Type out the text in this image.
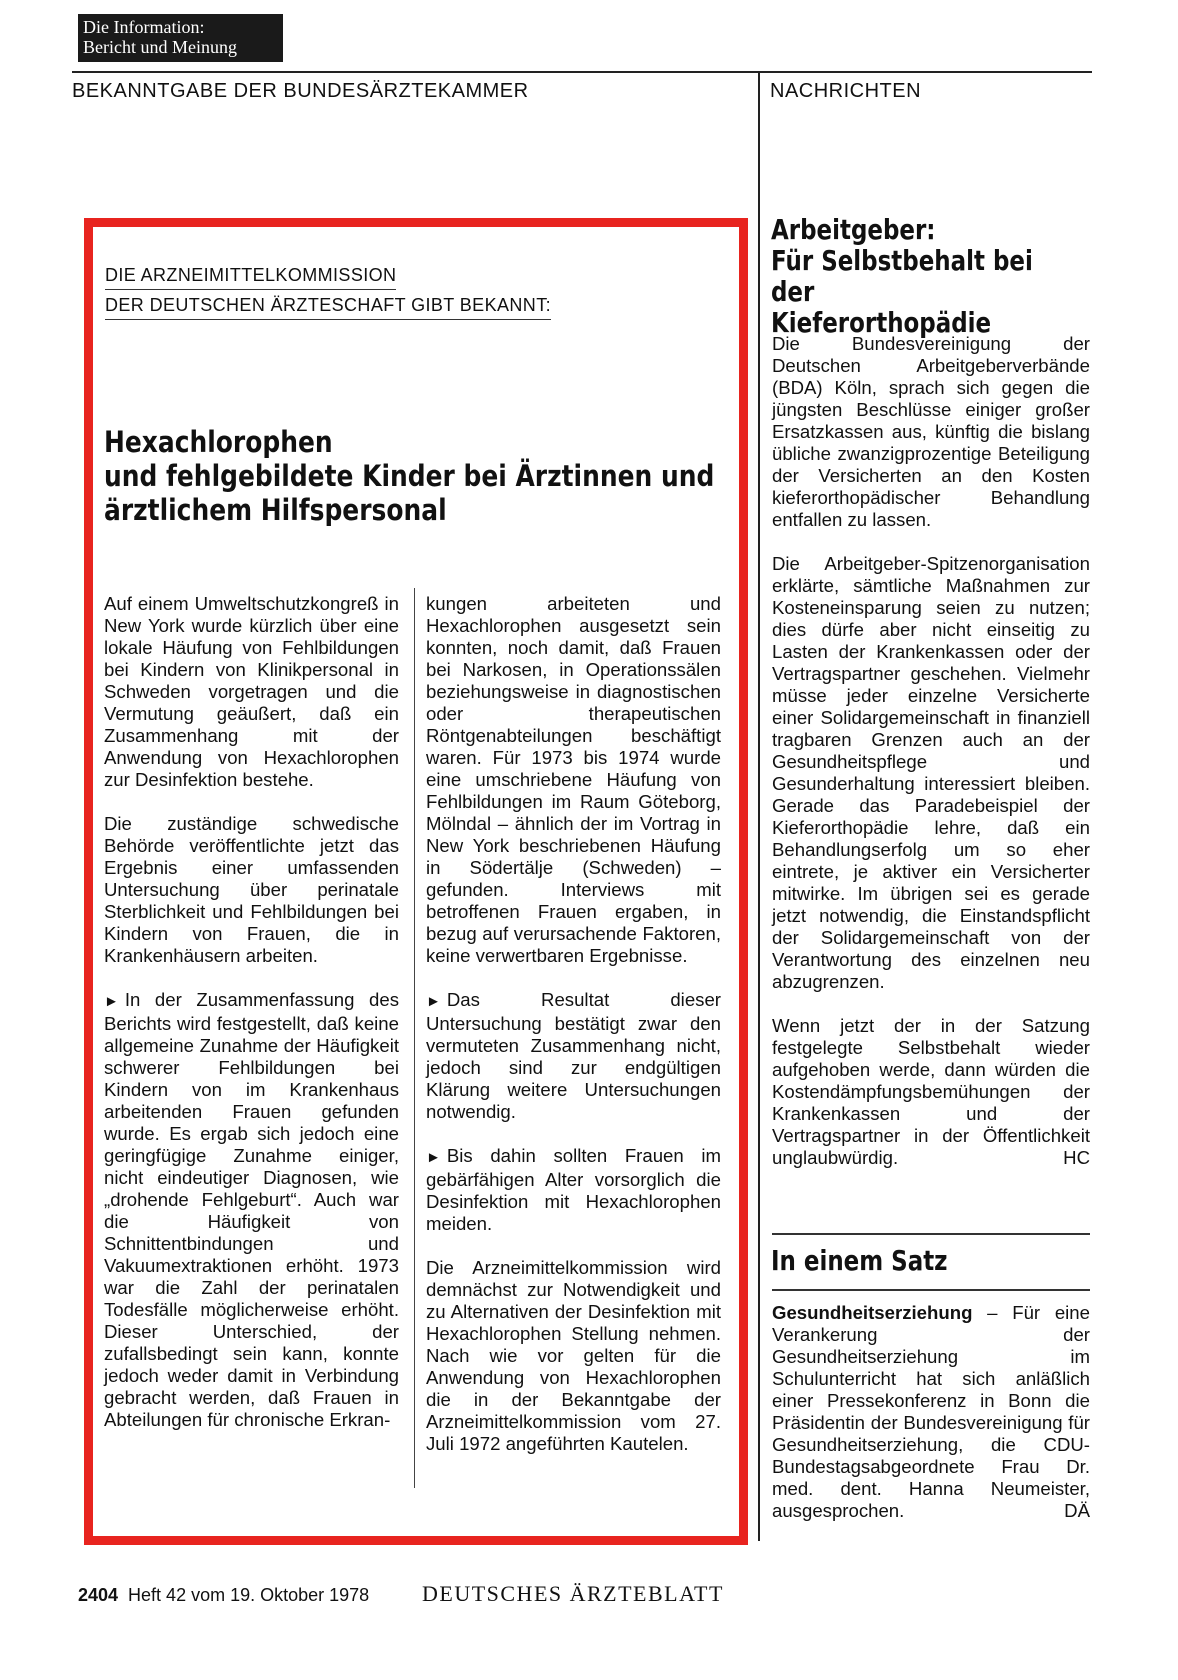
Die Information:
Bericht und Meinung
BEKANNTGABE DER BUNDESÄRZTEKAMMER	NACHRICHTEN
DIE ARZNEIMITTELKOMMISSION
DER DEUTSCHEN ÄRZTESCHAFT GIBT BEKANNT:
Hexachlorophen
und fehlgebildete Kinder bei Ärztinnen und
ärztlichem Hilfspersonal

Auf einem Umweltschutzkongreß in New York wurde kürzlich über eine lokale Häufung von Fehlbildungen bei Kindern von Klinikpersonal in Schweden vorgetragen und die Vermutung geäußert, daß ein Zusammenhang mit der Anwendung von Hexachlorophen zur Desinfektion bestehe.

Die zuständige schwedische Behörde veröffentlichte jetzt das Ergebnis einer umfassenden Untersuchung über perinatale Sterblichkeit und Fehlbildungen bei Kindern von Frauen, die in Krankenhäusern arbeiten.

► In der Zusammenfassung des Berichts wird festgestellt, daß keine allgemeine Zunahme der Häufigkeit schwerer Fehlbildungen bei Kindern von im Krankenhaus arbeitenden Frauen gefunden wurde. Es ergab sich jedoch eine geringfügige Zunahme einiger, nicht eindeutiger Diagnosen, wie „drohende Fehlgeburt“. Auch war die Häufigkeit von Schnittentbindungen und Vakuumextraktionen erhöht. 1973 war die Zahl der perinatalen Todesfälle möglicherweise erhöht. Dieser Unterschied, der zufallsbedingt sein kann, konnte jedoch weder damit in Verbindung gebracht werden, daß Frauen in Abteilungen für chronische Erkran-

kungen arbeiteten und Hexachlorophen ausgesetzt sein konnten, noch damit, daß Frauen bei Narkosen, in Operationssälen beziehungsweise in diagnostischen oder therapeutischen Röntgenabteilungen beschäftigt waren. Für 1973 bis 1974 wurde eine umschriebene Häufung von Fehlbildungen im Raum Göteborg, Mölndal – ähnlich der im Vortrag in New York beschriebenen Häufung in Södertälje (Schweden) – gefunden. Interviews mit betroffenen Frauen ergaben, in bezug auf verursachende Faktoren, keine verwertbaren Ergebnisse.

► Das Resultat dieser Untersuchung bestätigt zwar den vermuteten Zusammenhang nicht, jedoch sind zur endgültigen Klärung weitere Untersuchungen notwendig.

► Bis dahin sollten Frauen im gebärfähigen Alter vorsorglich die Desinfektion mit Hexachlorophen meiden.

Die Arzneimittelkommission wird demnächst zur Notwendigkeit und zu Alternativen der Desinfektion mit Hexachlorophen Stellung nehmen. Nach wie vor gelten für die Anwendung von Hexachlorophen die in der Bekanntgabe der Arzneimittelkommission vom 27. Juli 1972 angeführten Kautelen.

Arbeitgeber:
Für Selbstbehalt bei der
Kieferorthopädie

Die Bundesvereinigung der Deutschen Arbeitgeberverbände (BDA) Köln, sprach sich gegen die jüngsten Beschlüsse einiger großer Ersatzkassen aus, künftig die bislang übliche zwanzigprozentige Beteiligung der Versicherten an den Kosten kieferorthopädischer Behandlung entfallen zu lassen.

Die Arbeitgeber-Spitzenorganisation erklärte, sämtliche Maßnahmen zur Kosteneinsparung seien zu nutzen; dies dürfe aber nicht einseitig zu Lasten der Krankenkassen oder der Vertragspartner geschehen. Vielmehr müsse jeder einzelne Versicherte einer Solidargemeinschaft in finanziell tragbaren Grenzen auch an der Gesundheitspflege und Gesunderhaltung interessiert bleiben. Gerade das Paradebeispiel der Kieferorthopädie lehre, daß ein Behandlungserfolg um so eher eintrete, je aktiver ein Versicherter mitwirke. Im übrigen sei es gerade jetzt notwendig, die Einstandspflicht der Solidargemeinschaft von der Verantwortung des einzelnen neu abzugrenzen.

Wenn jetzt der in der Satzung festgelegte Selbstbehalt wieder aufgehoben werde, dann würden die Kostendämpfungsbemühungen der Krankenkassen und der Vertragspartner in der Öffentlichkeit unglaubwürdig.	HC

In einem Satz

Gesundheitserziehung – Für eine Verankerung der Gesundheitserziehung im Schulunterricht hat sich anläßlich einer Pressekonferenz in Bonn die Präsidentin der Bundesvereinigung für Gesundheitserziehung, die CDU-Bundestagsabgeordnete Frau Dr. med. dent. Hanna Neumeister, ausgesprochen.	DÄ

2404 Heft 42 vom 19. Oktober 1978 DEUTSCHES ÄRZTEBLATT
